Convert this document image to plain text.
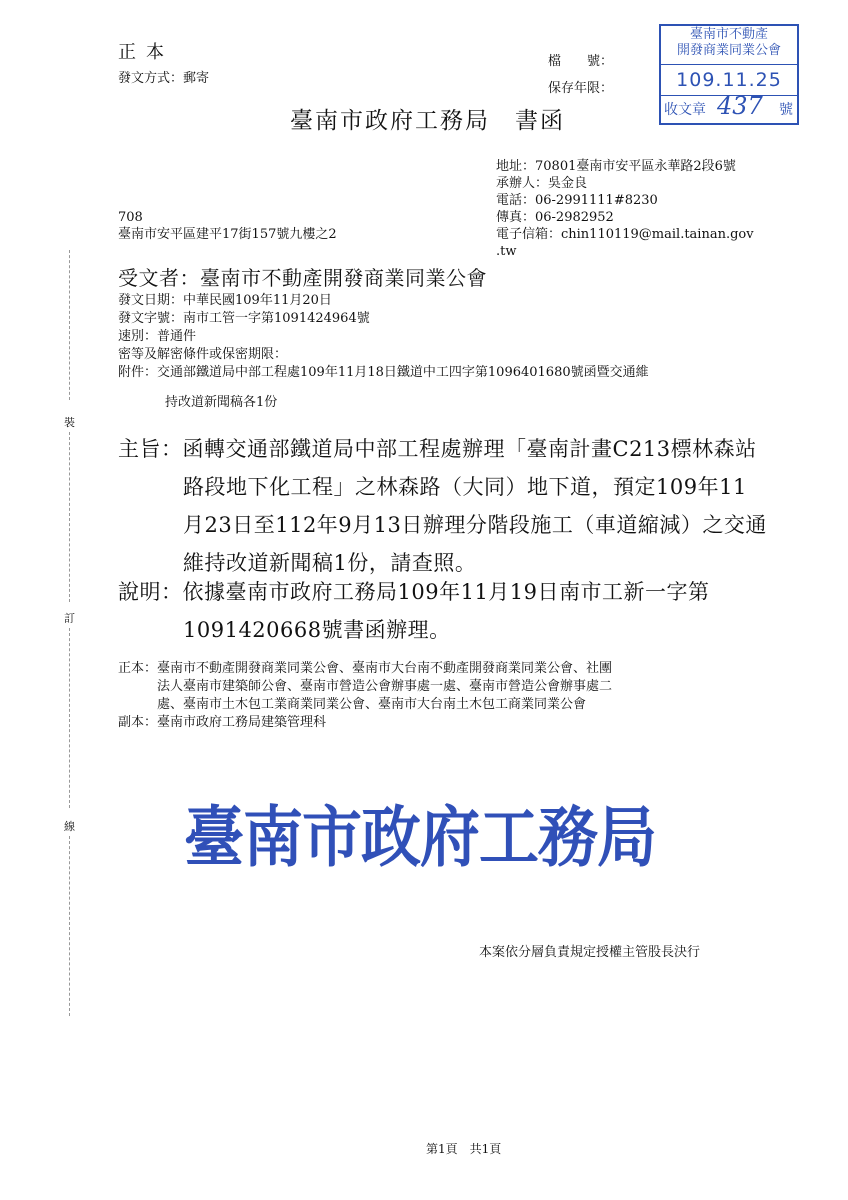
裝
訂
線
正本
發文方式：郵寄
檔　　號：
保存年限：
臺南市政府工務局　書函
臺南市不動產
開發商業同業公會
109.11.25
收文章 437 號
地址：70801臺南市安平區永華路2段6號
承辦人：吳金良
電話：06-2991111#8230
傳真：06-2982952
電子信箱：chin110119@mail.tainan.gov
.tw
708
臺南市安平區建平17街157號九樓之2
受文者：臺南市不動產開發商業同業公會
發文日期：中華民國109年11月20日
發文字號：南市工管一字第1091424964號
速別：普通件
密等及解密條件或保密期限：
附件：交通部鐵道局中部工程處109年11月18日鐵道中工四字第1096401680號函暨交通維
持改道新聞稿各1份
主旨：函轉交通部鐵道局中部工程處辦理「臺南計畫C213標林森站
路段地下化工程」之林森路（大同）地下道，預定109年11
月23日至112年9月13日辦理分階段施工（車道縮減）之交通
維持改道新聞稿1份，請查照。
說明：依據臺南市政府工務局109年11月19日南市工新一字第
1091420668號書函辦理。
正本：臺南市不動產開發商業同業公會、臺南市大台南不動產開發商業同業公會、社團
法人臺南市建築師公會、臺南市營造公會辦事處一處、臺南市營造公會辦事處二
處、臺南市土木包工業商業同業公會、臺南市大台南土木包工商業同業公會
副本：臺南市政府工務局建築管理科
臺南市政府工務局
本案依分層負責規定授權主管股長決行
第1頁　共1頁
